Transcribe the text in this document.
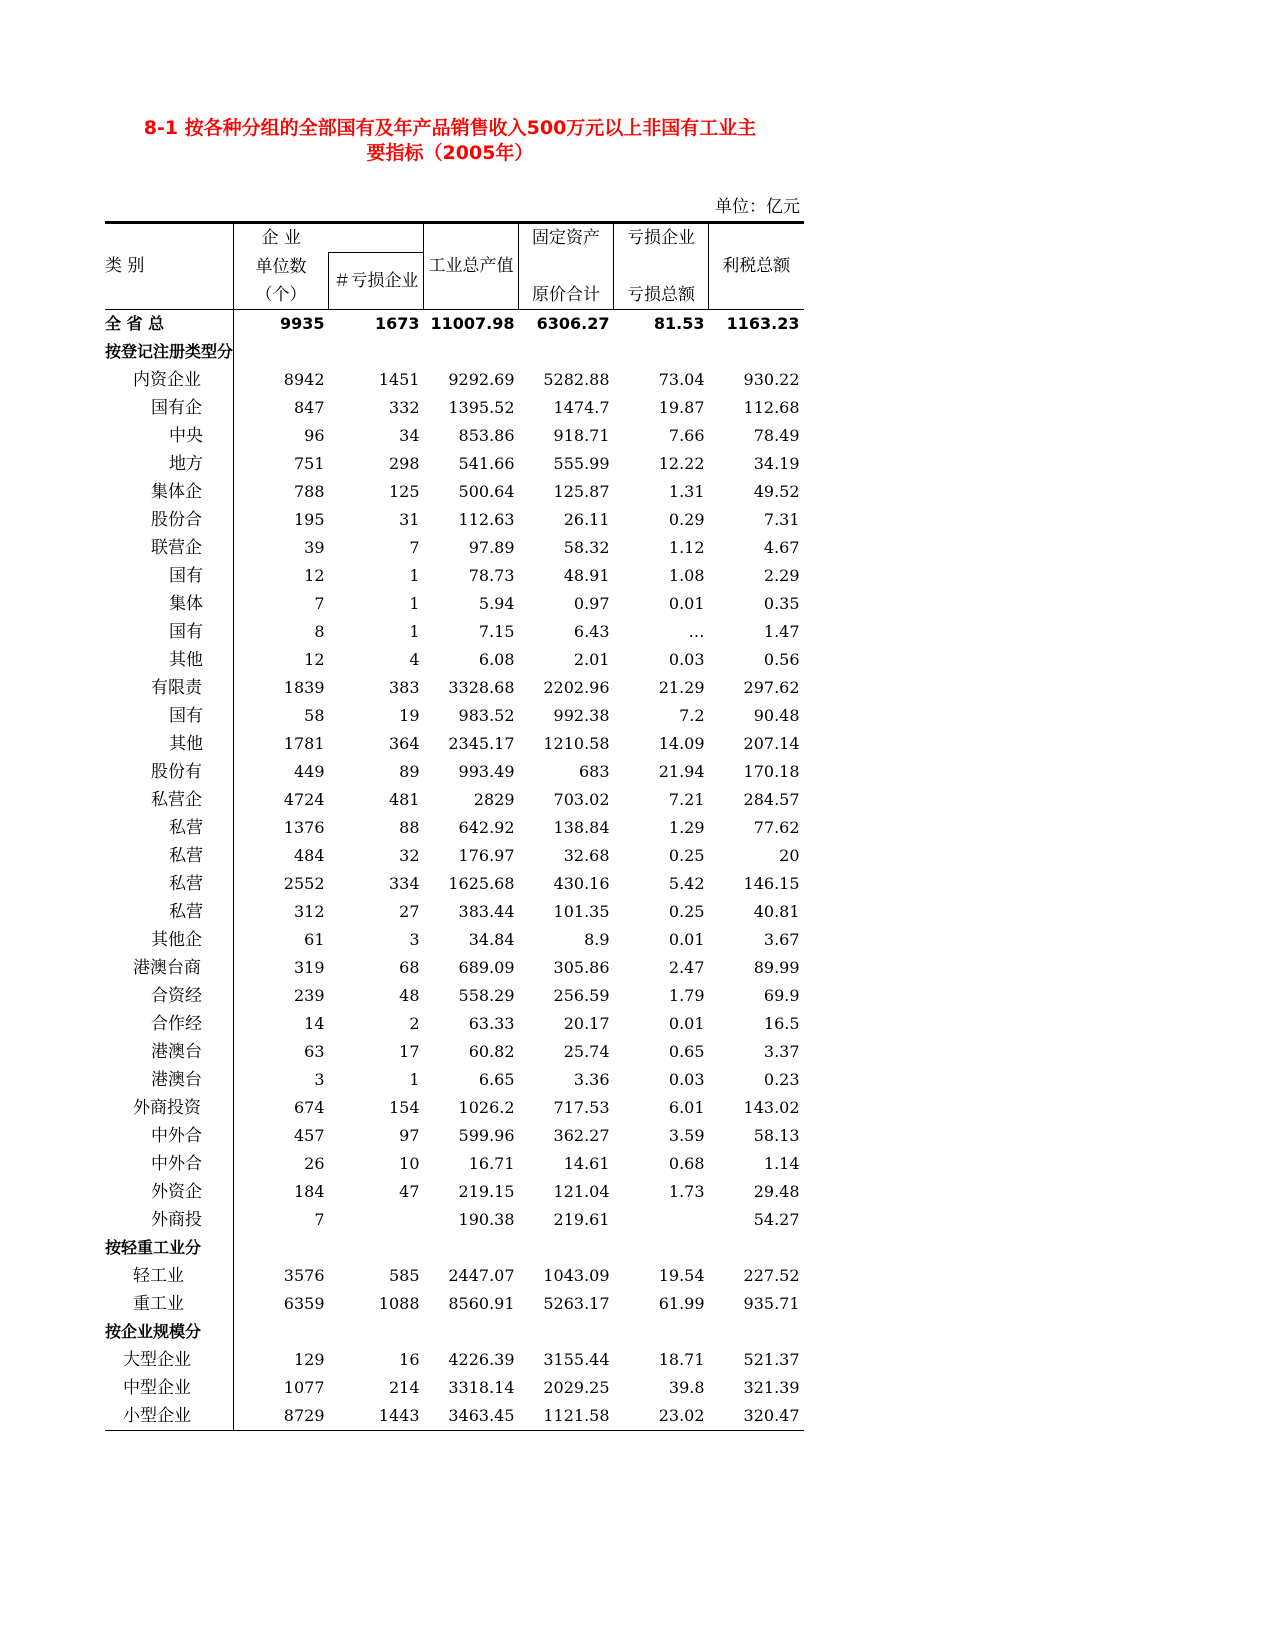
8-1 按各种分组的全部国有及年产品销售收入500万元以上非国有工业主
要指标（2005年）
单位：亿元
类 别	企 业		工业总产值	固定资产	亏损企业	利税总额
	单位数	＃亏损企业				
	（个）			原价合计	亏损总额	
全 省 总	9935	1673	11007.98	6306.27	81.53	1163.23
按登记注册类型分						
内资企业	8942	1451	9292.69	5282.88	73.04	930.22
国有企	847	332	1395.52	1474.7	19.87	112.68
中央	96	34	853.86	918.71	7.66	78.49
地方	751	298	541.66	555.99	12.22	34.19
集体企	788	125	500.64	125.87	1.31	49.52
股份合	195	31	112.63	26.11	0.29	7.31
联营企	39	7	97.89	58.32	1.12	4.67
国有	12	1	78.73	48.91	1.08	2.29
集体	7	1	5.94	0.97	0.01	0.35
国有	8	1	7.15	6.43	…	1.47
其他	12	4	6.08	2.01	0.03	0.56
有限责	1839	383	3328.68	2202.96	21.29	297.62
国有	58	19	983.52	992.38	7.2	90.48
其他	1781	364	2345.17	1210.58	14.09	207.14
股份有	449	89	993.49	683	21.94	170.18
私营企	4724	481	2829	703.02	7.21	284.57
私营	1376	88	642.92	138.84	1.29	77.62
私营	484	32	176.97	32.68	0.25	20
私营	2552	334	1625.68	430.16	5.42	146.15
私营	312	27	383.44	101.35	0.25	40.81
其他企	61	3	34.84	8.9	0.01	3.67
港澳台商	319	68	689.09	305.86	2.47	89.99
合资经	239	48	558.29	256.59	1.79	69.9
合作经	14	2	63.33	20.17	0.01	16.5
港澳台	63	17	60.82	25.74	0.65	3.37
港澳台	3	1	6.65	3.36	0.03	0.23
外商投资	674	154	1026.2	717.53	6.01	143.02
中外合	457	97	599.96	362.27	3.59	58.13
中外合	26	10	16.71	14.61	0.68	1.14
外资企	184	47	219.15	121.04	1.73	29.48
外商投	7		190.38	219.61		54.27
按轻重工业分						
轻工业	3576	585	2447.07	1043.09	19.54	227.52
重工业	6359	1088	8560.91	5263.17	61.99	935.71
按企业规模分						
大型企业	129	16	4226.39	3155.44	18.71	521.37
中型企业	1077	214	3318.14	2029.25	39.8	321.39
小型企业	8729	1443	3463.45	1121.58	23.02	320.47
